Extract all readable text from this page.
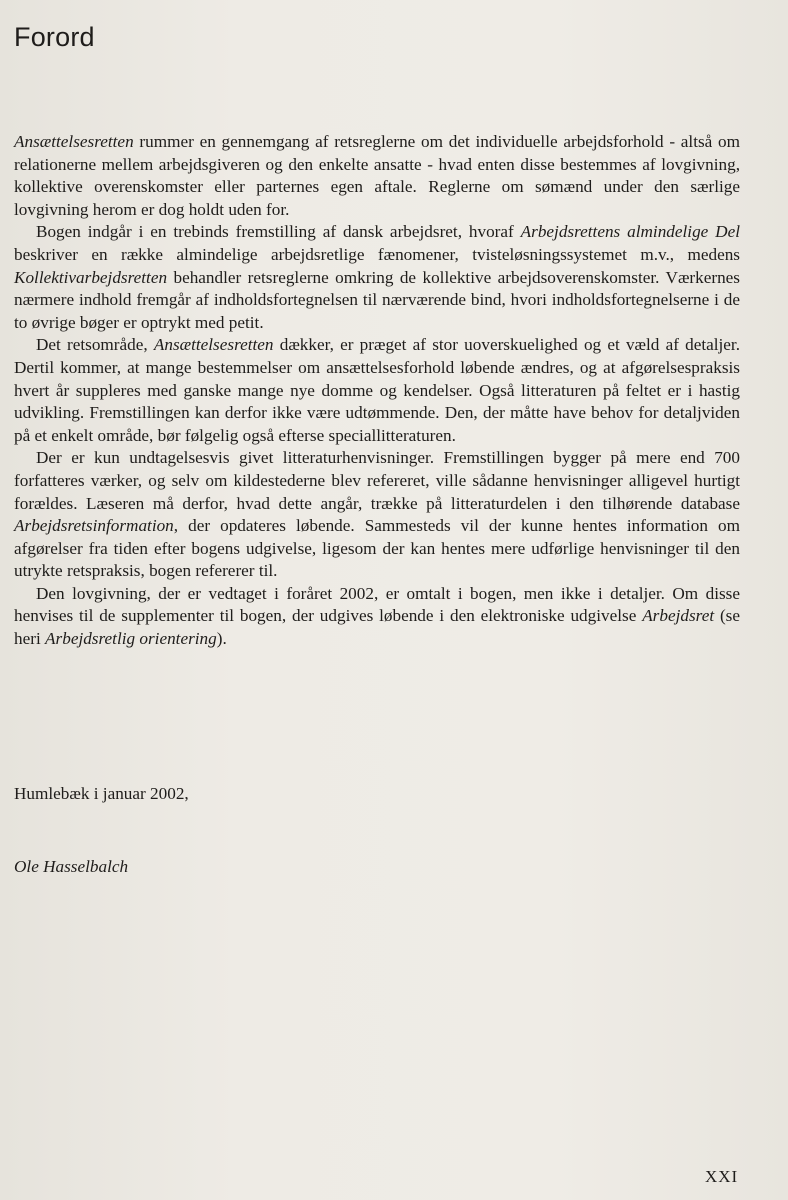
Forord

Ansættelsesretten rummer en gennemgang af retsreglerne om det individuelle arbejdsforhold - altså om relationerne mellem arbejdsgiveren og den enkelte ansatte - hvad enten disse bestemmes af lovgivning, kollektive overenskomster eller parternes egen aftale. Reglerne om sømænd under den særlige lovgivning herom er dog holdt uden for.

Bogen indgår i en trebinds fremstilling af dansk arbejdsret, hvoraf Arbejdsrettens almindelige Del beskriver en række almindelige arbejdsretlige fænomener, tvisteløsningssystemet m.v., medens Kollektivarbejdsretten behandler retsreglerne omkring de kollektive arbejdsoverenskomster. Værkernes nærmere indhold fremgår af indholdsfortegnelsen til nærværende bind, hvori indholdsfortegnelserne i de to øvrige bøger er optrykt med petit.

Det retsområde, Ansættelsesretten dækker, er præget af stor uoverskuelighed og et væld af detaljer. Dertil kommer, at mange bestemmelser om ansættelsesforhold løbende ændres, og at afgørelsespraksis hvert år suppleres med ganske mange nye domme og kendelser. Også litteraturen på feltet er i hastig udvikling. Fremstillingen kan derfor ikke være udtømmende. Den, der måtte have behov for detaljviden på et enkelt område, bør følgelig også efterse speciallitteraturen.

Der er kun undtagelsesvis givet litteraturhenvisninger. Fremstillingen bygger på mere end 700 forfatteres værker, og selv om kildestederne blev refereret, ville sådanne henvisninger alligevel hurtigt forældes. Læseren må derfor, hvad dette angår, trække på litteraturdelen i den tilhørende database Arbejdsretsinformation, der opdateres løbende. Sammesteds vil der kunne hentes information om afgørelser fra tiden efter bogens udgivelse, ligesom der kan hentes mere udførlige henvisninger til den utrykte retspraksis, bogen refererer til.

Den lovgivning, der er vedtaget i foråret 2002, er omtalt i bogen, men ikke i detaljer. Om disse henvises til de supplementer til bogen, der udgives løbende i den elektroniske udgivelse Arbejdsret (se heri Arbejdsretlig orientering).

Humlebæk i januar 2002,
Ole Hasselbalch
XXI
